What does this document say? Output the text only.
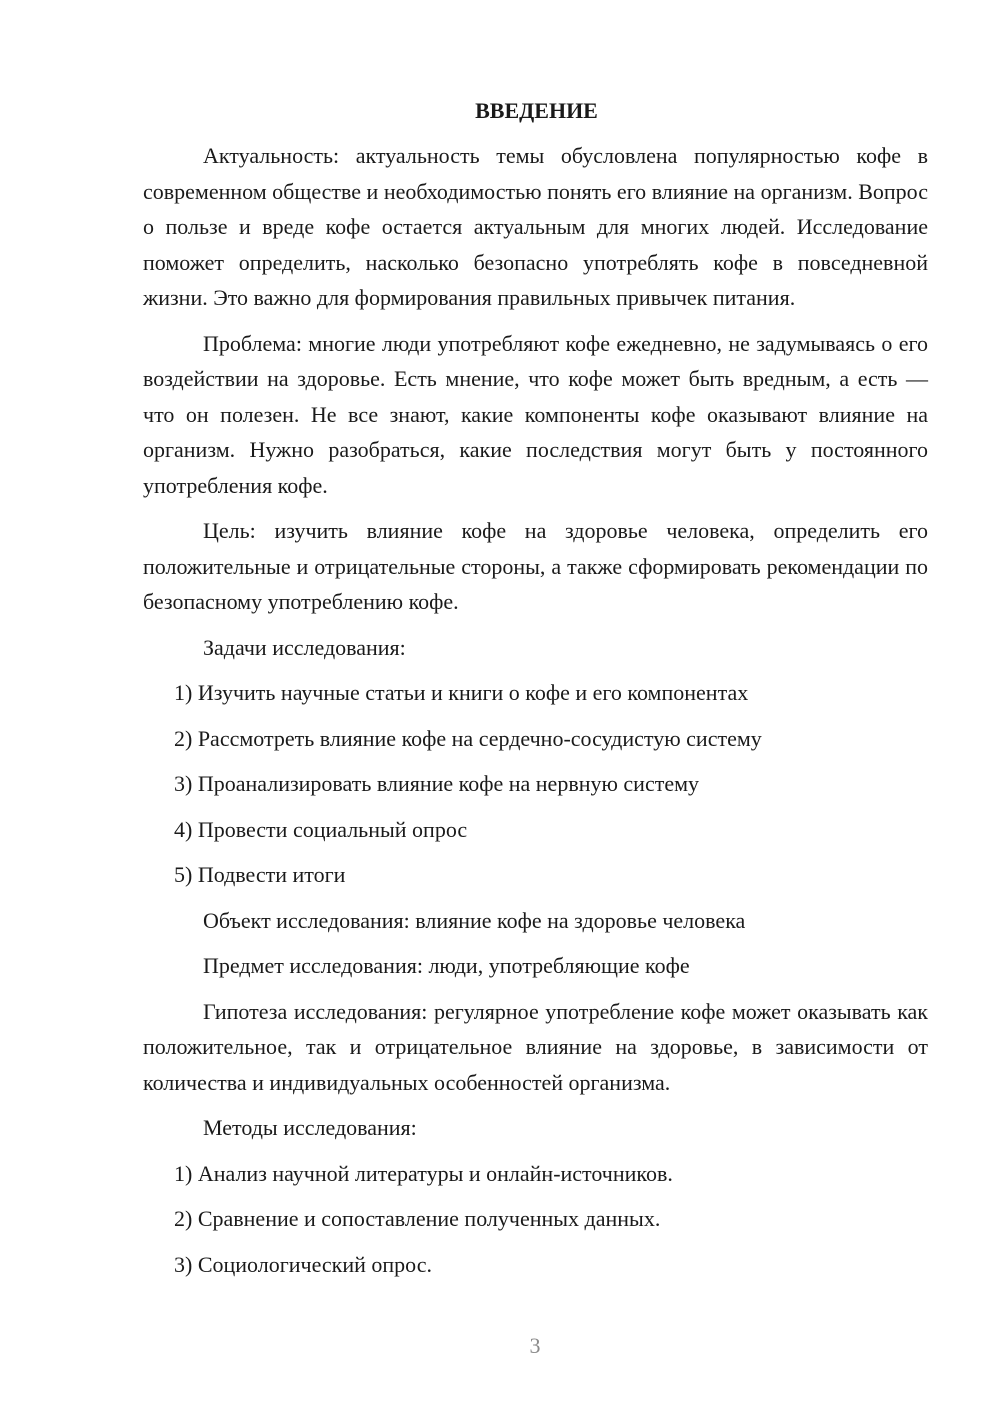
ВВЕДЕНИЕ

Актуальность: актуальность темы обусловлена популярностью кофе в современном обществе и необходимостью понять его влияние на организм. Вопрос о пользе и вреде кофе остается актуальным для многих людей. Исследование поможет определить, насколько безопасно употреблять кофе в повседневной жизни. Это важно для формирования правильных привычек питания.

Проблема: многие люди употребляют кофе ежедневно, не задумываясь о его воздействии на здоровье. Есть мнение, что кофе может быть вредным, а есть — что он полезен. Не все знают, какие компоненты кофе оказывают влияние на организм. Нужно разобраться, какие последствия могут быть у постоянного употребления кофе.

Цель: изучить влияние кофе на здоровье человека, определить его положительные и отрицательные стороны, а также сформировать рекомендации по безопасному употреблению кофе.

Задачи исследования:

1) Изучить научные статьи и книги о кофе и его компонентах

2) Рассмотреть влияние кофе на сердечно-сосудистую систему

3) Проанализировать влияние кофе на нервную систему

4) Провести социальный опрос

5) Подвести итоги

Объект исследования: влияние кофе на здоровье человека

Предмет исследования: люди, употребляющие кофе

Гипотеза исследования: регулярное употребление кофе может оказывать как положительное, так и отрицательное влияние на здоровье, в зависимости от количества и индивидуальных особенностей организма.

Методы исследования:

1) Анализ научной литературы и онлайн-источников.

2) Сравнение и сопоставление полученных данных.

3) Социологический опрос.

3
